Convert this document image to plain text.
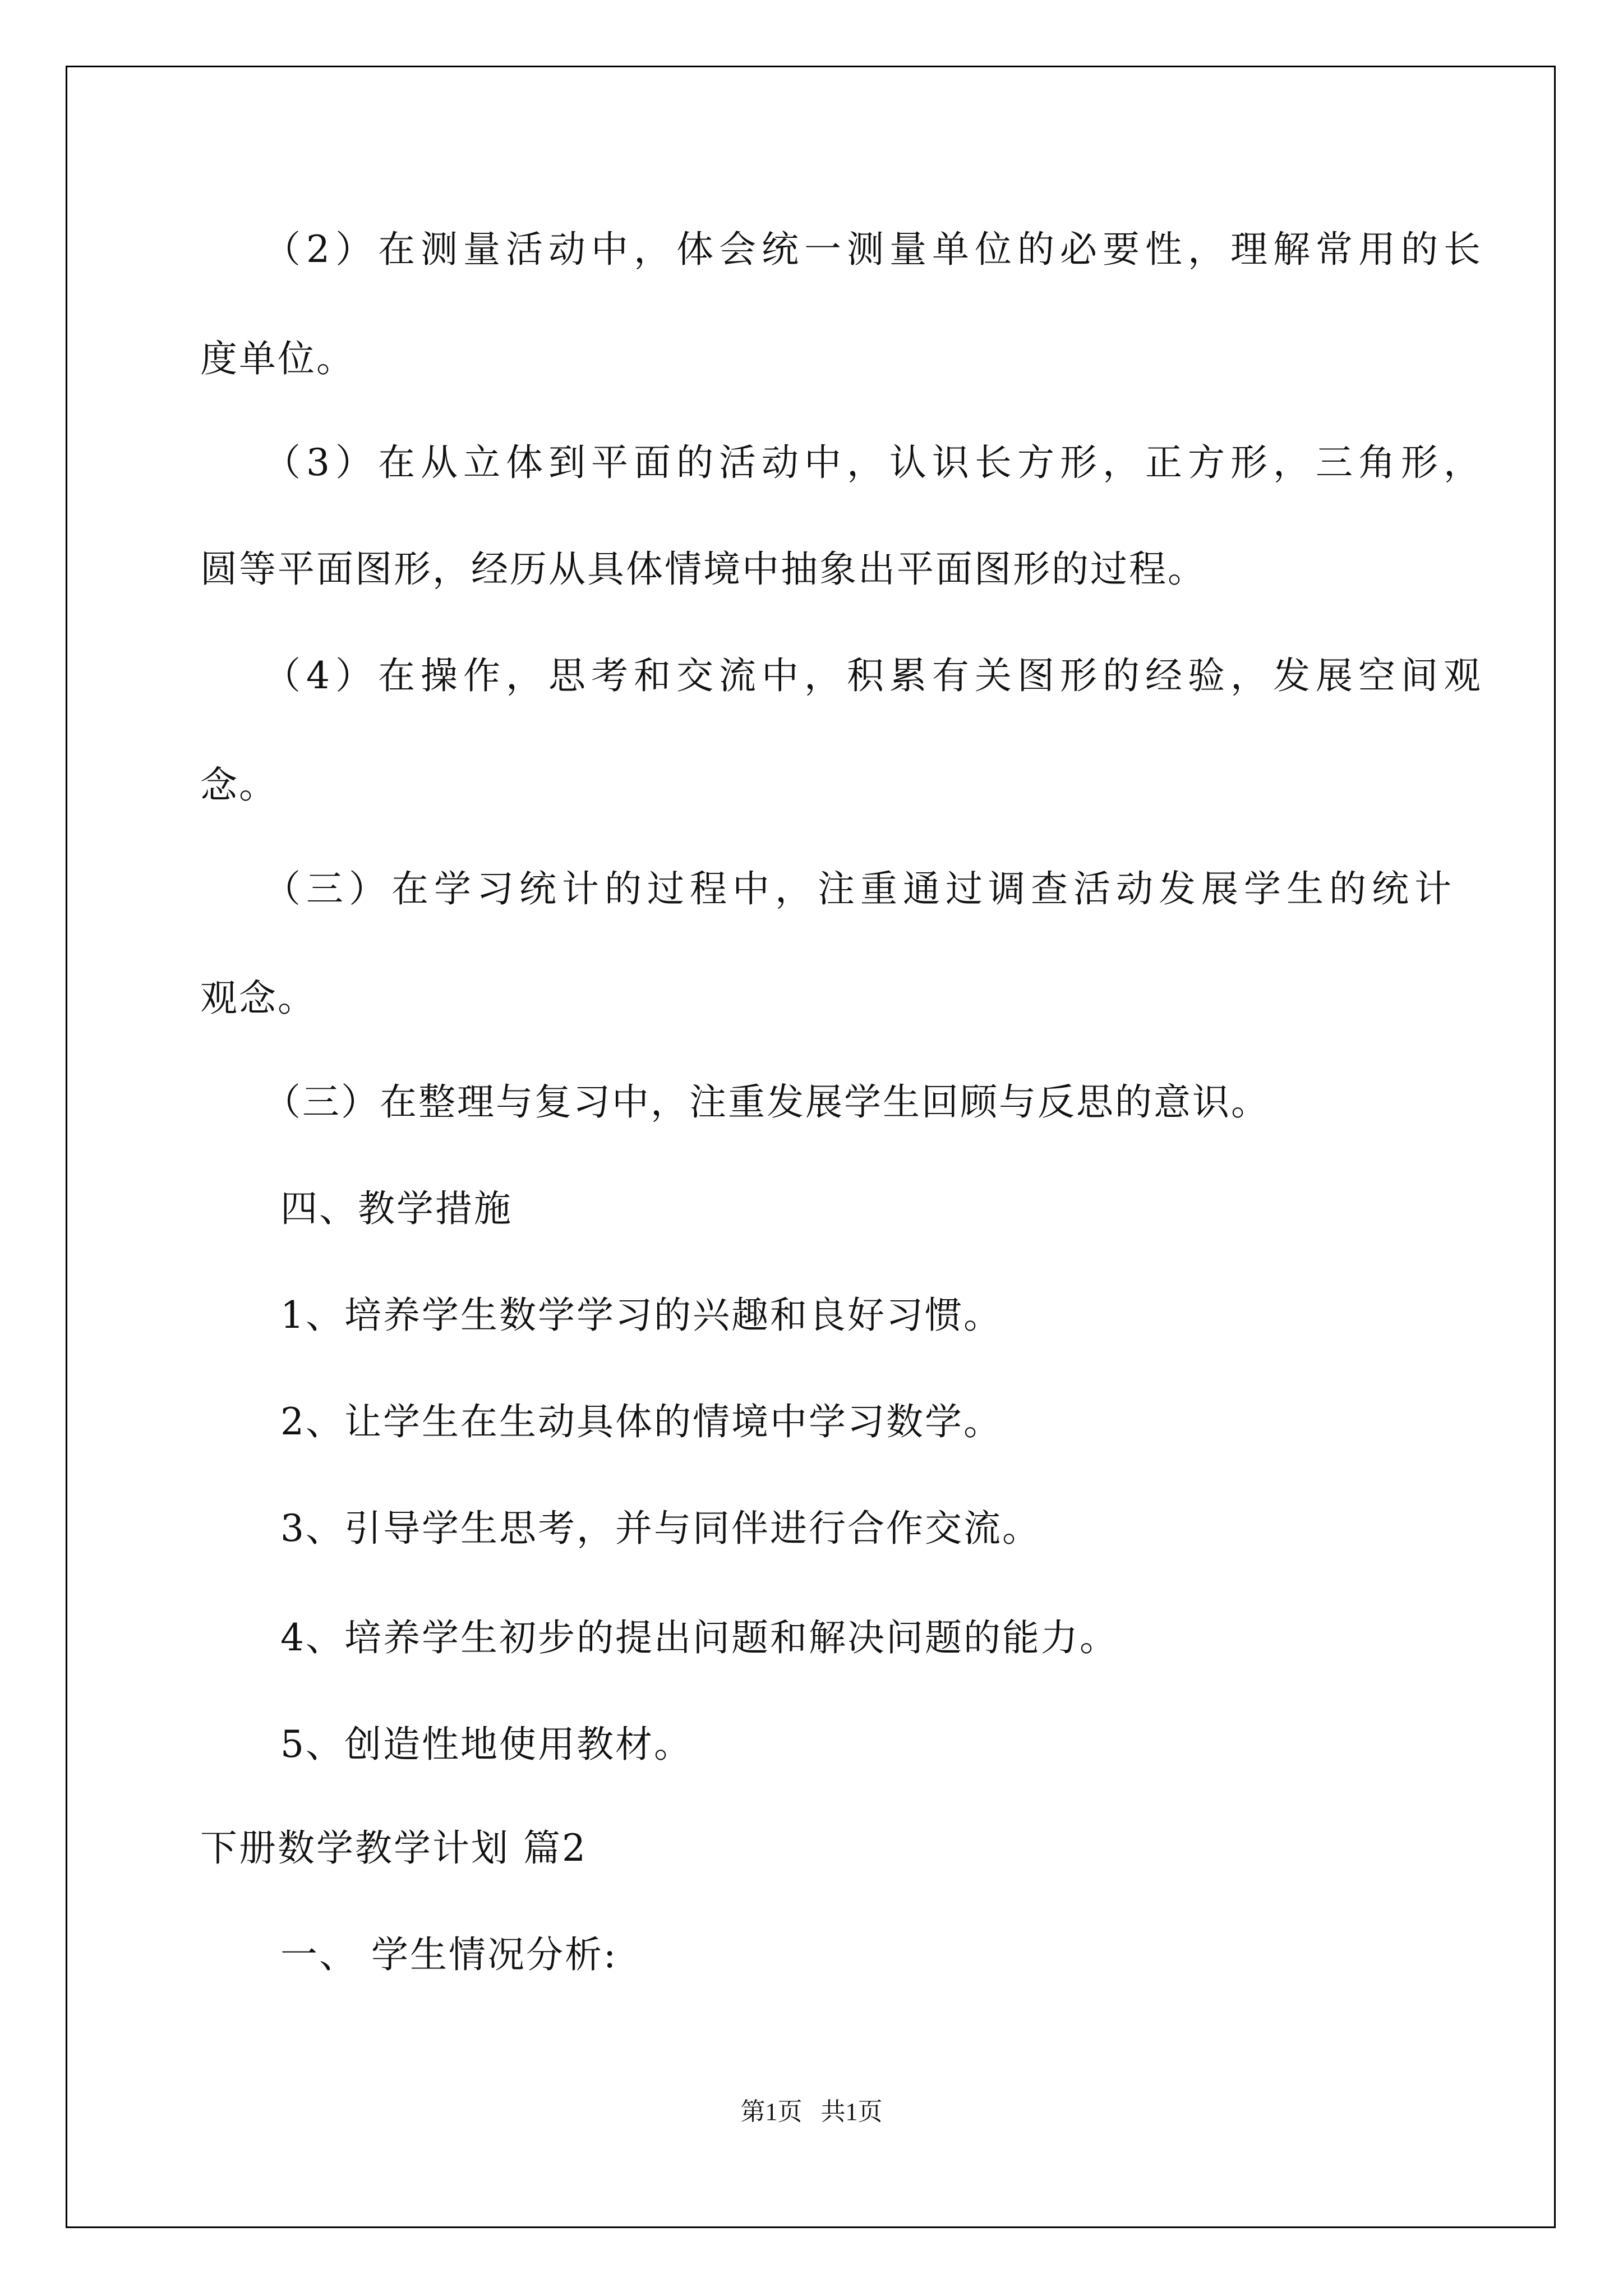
（2）在测量活动中，体会统一测量单位的必要性，理解常用的长

度单位。

（3）在从立体到平面的活动中，认识长方形，正方形，三角形，

圆等平面图形，经历从具体情境中抽象出平面图形的过程。

（4）在操作，思考和交流中，积累有关图形的经验，发展空间观

念。

（三）在学习统计的过程中，注重通过调查活动发展学生的统计

观念。

（三）在整理与复习中，注重发展学生回顾与反思的意识。

四、教学措施

1、培养学生数学学习的兴趣和良好习惯。

2、让学生在生动具体的情境中学习数学。

3、引导学生思考，并与同伴进行合作交流。

4、培养学生初步的提出问题和解决问题的能力。

5、创造性地使用教材。

下册数学教学计划 篇2

一、 学生情况分析:

第1页   共1页
